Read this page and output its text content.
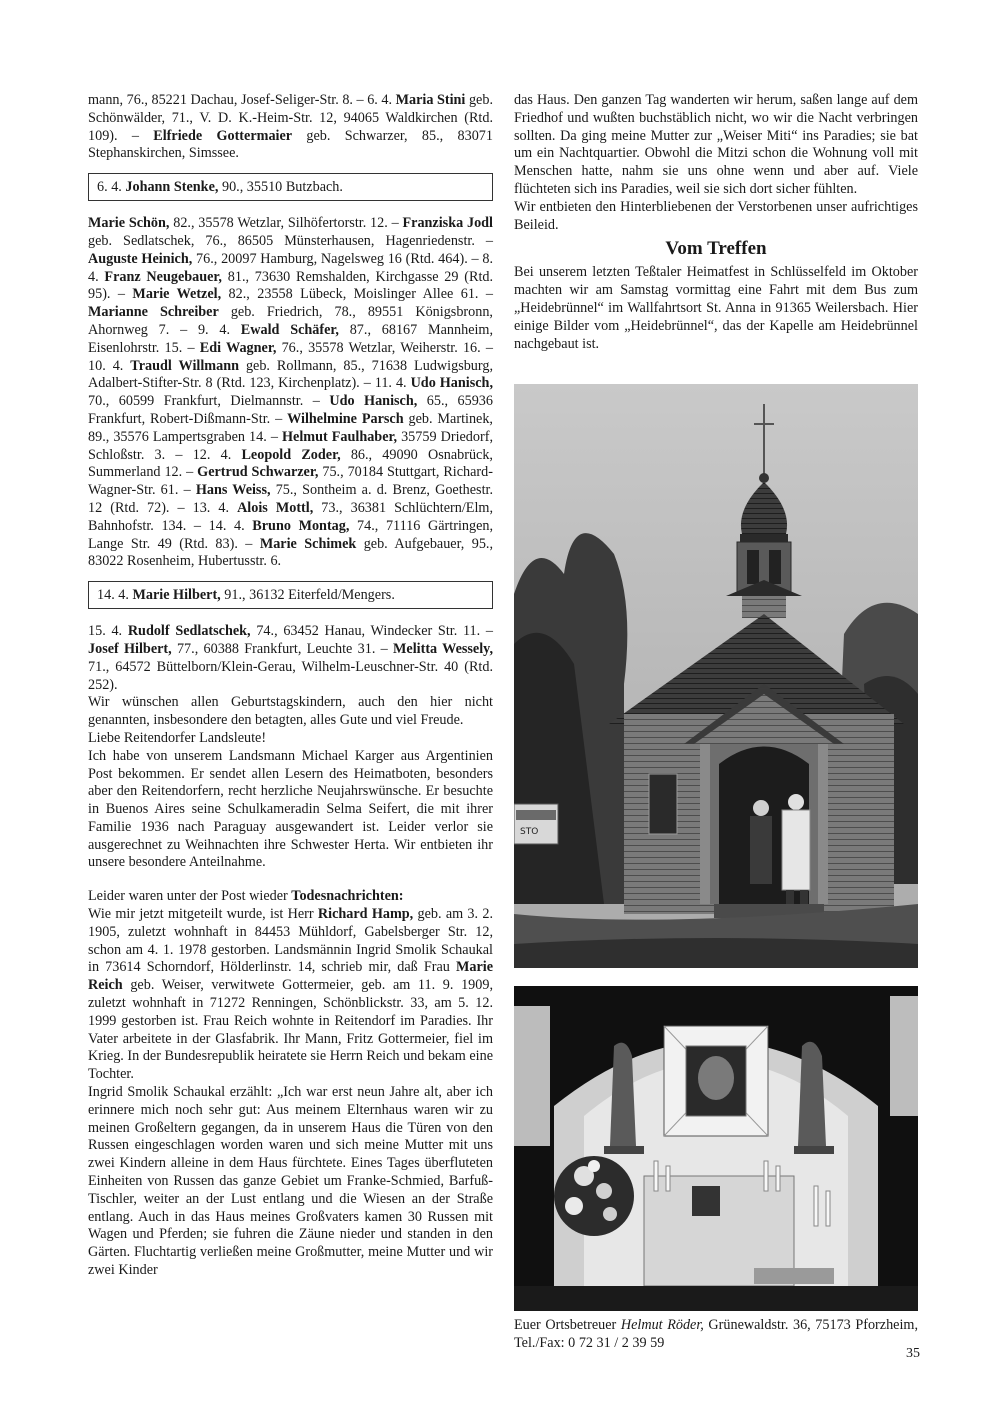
mann, 76., 85221 Dachau, Josef-Seliger-Str. 8. – 6. 4. Maria Stini geb. Schönwälder, 71., V. D. K.-Heim-Str. 12, 94065 Waldkirchen (Rtd. 109). – Elfriede Gottermaier geb. Schwarzer, 85., 83071 Stephanskirchen, Simssee.

6. 4. Johann Stenke, 90., 35510 Butzbach.

Marie Schön, 82., 35578 Wetzlar, Silhöfertorstr. 12. – Franziska Jodl geb. Sedlatschek, 76., 86505 Münsterhausen, Hagenriedenstr. – Auguste Heinich, 76., 20097 Hamburg, Nagelsweg 16 (Rtd. 464). – 8. 4. Franz Neugebauer, 81., 73630 Remshalden, Kirchgasse 29 (Rtd. 95). – Marie Wetzel, 82., 23558 Lübeck, Moislinger Allee 61. – Marianne Schreiber geb. Friedrich, 78., 89551 Königsbronn, Ahornweg 7. – 9. 4. Ewald Schäfer, 87., 68167 Mannheim, Eisenlohrstr. 15. – Edi Wagner, 76., 35578 Wetzlar, Weiherstr. 16. – 10. 4. Traudl Willmann geb. Rollmann, 85., 71638 Ludwigsburg, Adalbert-Stifter-Str. 8 (Rtd. 123, Kirchenplatz). – 11. 4. Udo Hanisch, 70., 60599 Frankfurt, Dielmannstr. – Udo Hanisch, 65., 65936 Frankfurt, Robert-Dißmann-Str. – Wilhelmine Parsch geb. Martinek, 89., 35576 Lampertsgraben 14. – Helmut Faulhaber, 35759 Driedorf, Schloßstr. 3. – 12. 4. Leopold Zoder, 86., 49090 Osnabrück, Summerland 12. – Gertrud Schwarzer, 75., 70184 Stuttgart, Richard-Wagner-Str. 61. – Hans Weiss, 75., Sontheim a. d. Brenz, Goethestr. 12 (Rtd. 72). – 13. 4. Alois Mottl, 73., 36381 Schlüchtern/Elm, Bahnhofstr. 134. – 14. 4. Bruno Montag, 74., 71116 Gärtringen, Lange Str. 49 (Rtd. 83). – Marie Schimek geb. Aufgebauer, 95., 83022 Rosenheim, Hubertusstr. 6.

14. 4. Marie Hilbert, 91., 36132 Eiterfeld/Mengers.

15. 4. Rudolf Sedlatschek, 74., 63452 Hanau, Windecker Str. 11. – Josef Hilbert, 77., 60388 Frankfurt, Leuchte 31. – Melitta Wessely, 71., 64572 Büttelborn/Klein-Gerau, Wilhelm-Leuschner-Str. 40 (Rtd. 252).

Wir wünschen allen Geburtstagskindern, auch den hier nicht genannten, insbesondere den betagten, alles Gute und viel Freude.

Liebe Reitendorfer Landsleute!

Ich habe von unserem Landsmann Michael Karger aus Argentinien Post bekommen. Er sendet allen Lesern des Heimatboten, besonders aber den Reitendorfern, recht herzliche Neujahrswünsche. Er besuchte in Buenos Aires seine Schulkameradin Selma Seifert, die mit ihrer Familie 1936 nach Paraguay ausgewandert ist. Leider verlor sie ausgerechnet zu Weihnachten ihre Schwester Herta. Wir entbieten ihr unsere besondere Anteilnahme.

Leider waren unter der Post wieder Todesnachrichten:

Wie mir jetzt mitgeteilt wurde, ist Herr Richard Hamp, geb. am 3. 2. 1905, zuletzt wohnhaft in 84453 Mühldorf, Gabelsberger Str. 12, schon am 4. 1. 1978 gestorben. Landsmännin Ingrid Smolik Schaukal in 73614 Schorndorf, Hölderlinstr. 14, schrieb mir, daß Frau Marie Reich geb. Weiser, verwitwete Gottermeier, geb. am 11. 9. 1909, zuletzt wohnhaft in 71272 Renningen, Schönblickstr. 33, am 5. 12. 1999 gestorben ist. Frau Reich wohnte in Reitendorf im Paradies. Ihr Vater arbeitete in der Glasfabrik. Ihr Mann, Fritz Gottermeier, fiel im Krieg. In der Bundesrepublik heiratete sie Herrn Reich und bekam eine Tochter.

Ingrid Smolik Schaukal erzählt: „Ich war erst neun Jahre alt, aber ich erinnere mich noch sehr gut: Aus meinem Elternhaus waren wir zu meinen Großeltern gegangen, da in unserem Haus die Türen von den Russen eingeschlagen worden waren und sich meine Mutter mit uns zwei Kindern alleine in dem Haus fürchtete. Eines Tages überfluteten Einheiten von Russen das ganze Gebiet um Franke-Schmied, Barfuß-Tischler, weiter an der Lust entlang und die Wiesen an der Straße entlang. Auch in das Haus meines Großvaters kamen 30 Russen mit Wagen und Pferden; sie fuhren die Zäune nieder und standen in den Gärten. Fluchtartig verließen meine Großmutter, meine Mutter und wir zwei Kinder

das Haus. Den ganzen Tag wanderten wir herum, saßen lange auf dem Friedhof und wußten buchstäblich nicht, wo wir die Nacht verbringen sollten. Da ging meine Mutter zur „Weiser Miti“ ins Paradies; sie bat um ein Nachtquartier. Obwohl die Mitzi schon die Wohnung voll mit Menschen hatte, nahm sie uns ohne wenn und aber auf. Viele flüchteten sich ins Paradies, weil sie sich dort sicher fühlten.

Wir entbieten den Hinterbliebenen der Verstorbenen unser aufrichtiges Beileid.

Vom Treffen

Bei unserem letzten Teßtaler Heimatfest in Schlüsselfeld im Oktober machten wir am Samstag vormittag eine Fahrt mit dem Bus zum „Heidebrünnel“ im Wallfahrtsort St. Anna in 91365 Weilersbach. Hier einige Bilder vom „Heidebrünnel“, das der Kapelle am Heidebrünnel nachgebaut ist.

STO
Euer Ortsbetreuer Helmut Röder, Grünewaldstr. 36, 75173 Pforzheim, Tel./Fax: 0 72 31 / 2 39 59
35
